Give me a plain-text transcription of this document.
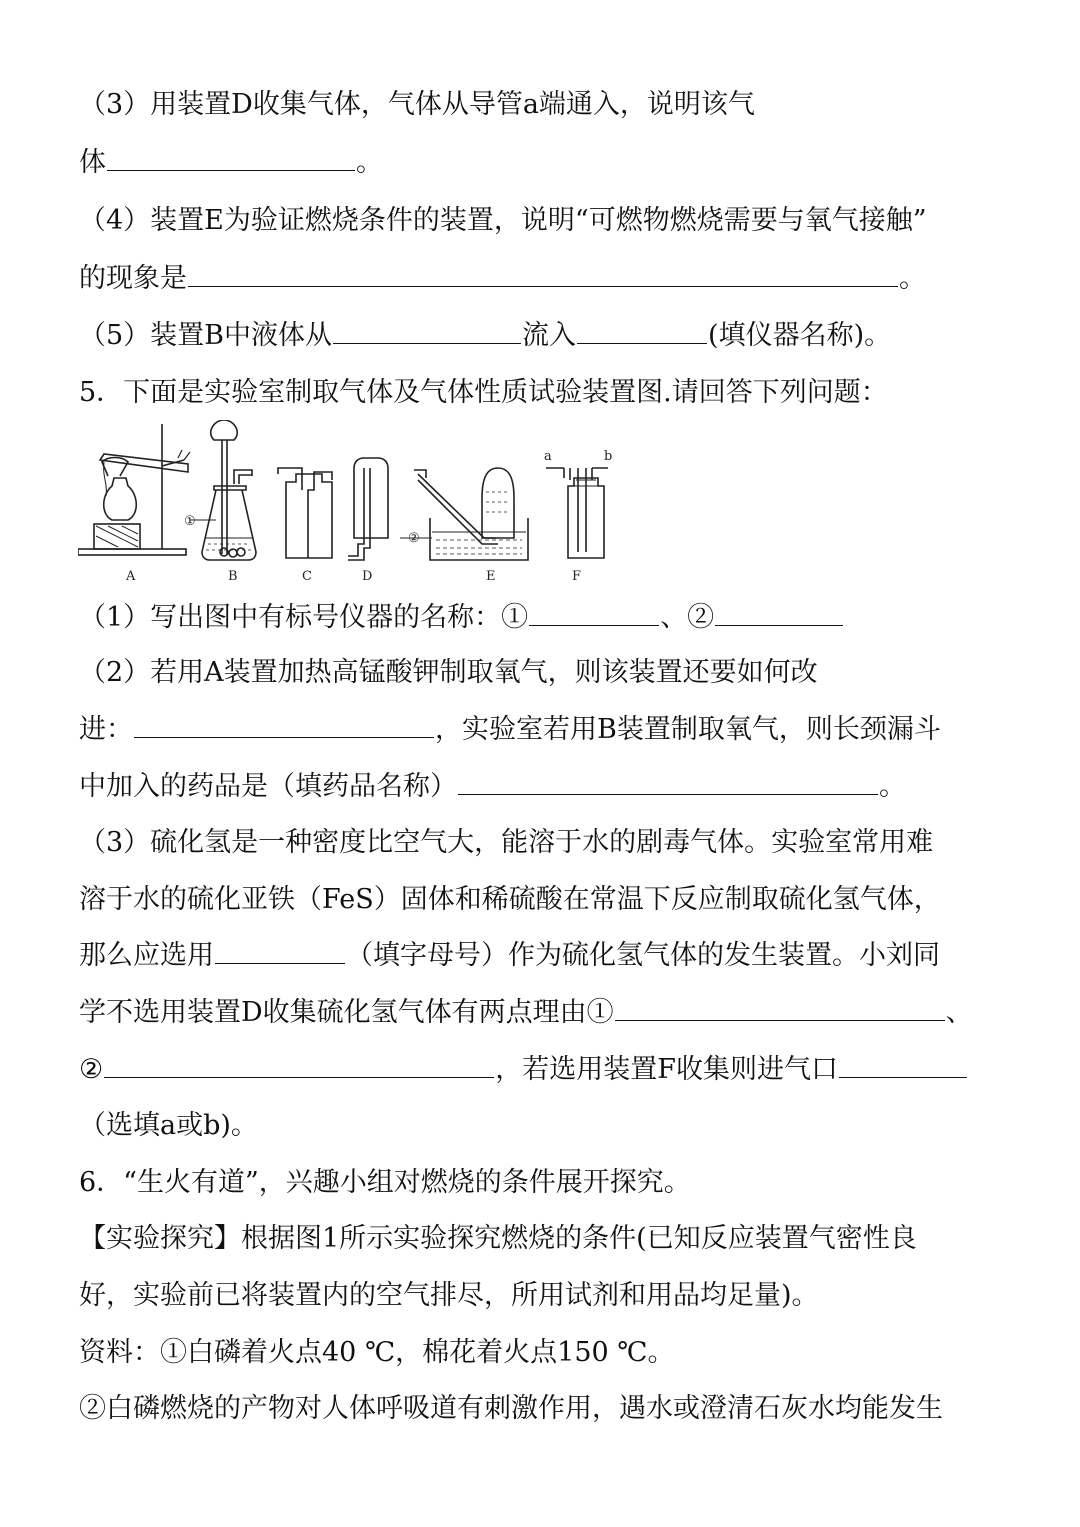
（3）用装置D收集气体，气体从导管a端通入，说明该气
体	。
（4）装置E为验证燃烧条件的装置，说明“可燃物燃烧需要与氧气接触”
的现象是	。
（5）装置B中液体从	流入	(填仪器名称)。
5．下面是实验室制取气体及气体性质试验装置图.请回答下列问题：
①
②
a	b
A	B	C	D	E	F
（1）写出图中有标号仪器的名称：①	、②
（2）若用A装置加热高锰酸钾制取氧气，则该装置还要如何改
进：	，实验室若用B装置制取氧气，则长颈漏斗
中加入的药品是（填药品名称）	。
（3）硫化氢是一种密度比空气大，能溶于水的剧毒气体。实验室常用难
溶于水的硫化亚铁（FeS）固体和稀硫酸在常温下反应制取硫化氢气体，
那么应选用	（填字母号）作为硫化氢气体的发生装置。小刘同
学不选用装置D收集硫化氢气体有两点理由①	、
②	，若选用装置F收集则进气口
（选填a或b)。
6．“生火有道”，兴趣小组对燃烧的条件展开探究。
【实验探究】根据图1所示实验探究燃烧的条件(已知反应装置气密性良
好，实验前已将装置内的空气排尽，所用试剂和用品均足量)。
资料：①白磷着火点40 ℃，棉花着火点150 ℃。
②白磷燃烧的产物对人体呼吸道有刺激作用，遇水或澄清石灰水均能发生
